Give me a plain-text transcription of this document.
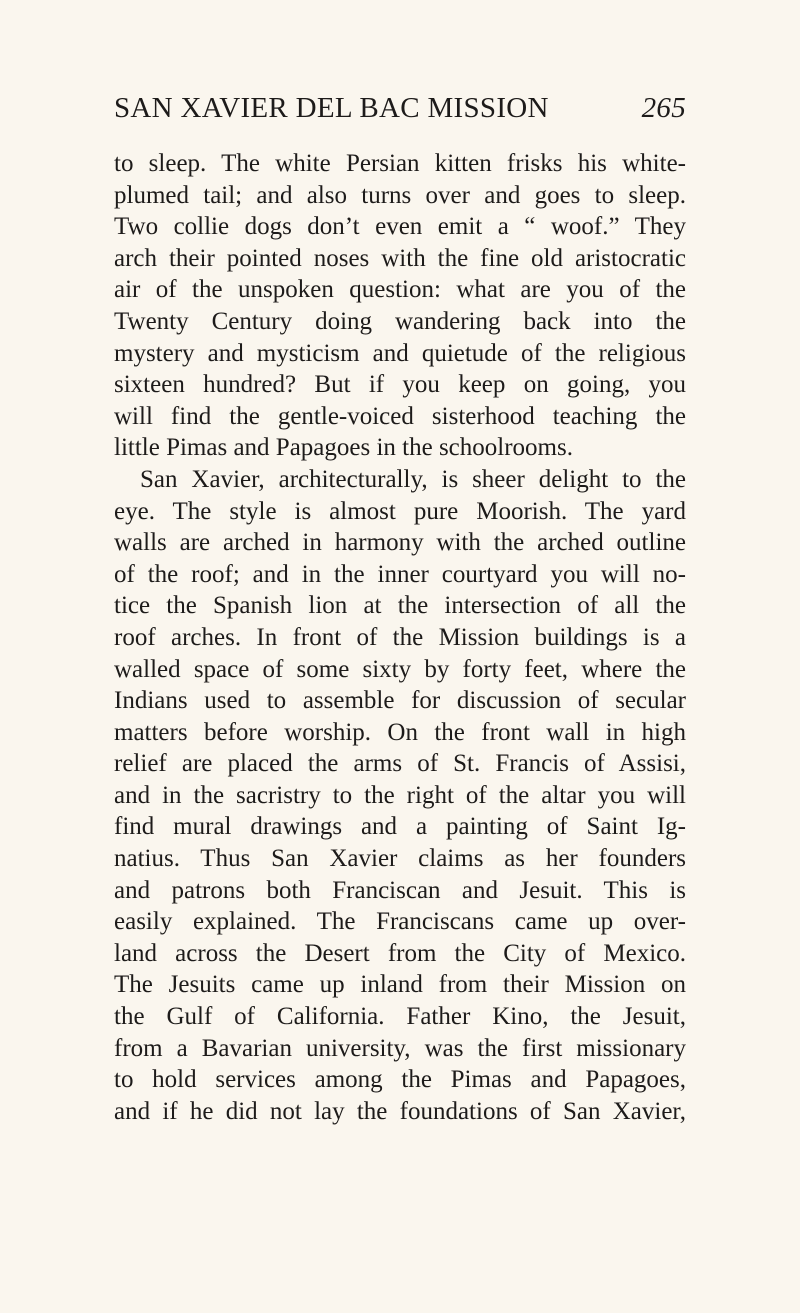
SAN XAVIER DEL BAC MISSION	265
to sleep. The white Persian kitten frisks his white-
plumed tail; and also turns over and goes to sleep.
Two collie dogs don’t even emit a “ woof.” They
arch their pointed noses with the fine old aristocratic
air of the unspoken question: what are you of the
Twenty Century doing wandering back into the
mystery and mysticism and quietude of the religious
sixteen hundred? But if you keep on going, you
will find the gentle-voiced sisterhood teaching the
little Pimas and Papagoes in the schoolrooms.
San Xavier, architecturally, is sheer delight to the
eye. The style is almost pure Moorish. The yard
walls are arched in harmony with the arched outline
of the roof; and in the inner courtyard you will no-
tice the Spanish lion at the intersection of all the
roof arches. In front of the Mission buildings is a
walled space of some sixty by forty feet, where the
Indians used to assemble for discussion of secular
matters before worship. On the front wall in high
relief are placed the arms of St. Francis of Assisi,
and in the sacristry to the right of the altar you will
find mural drawings and a painting of Saint Ig-
natius. Thus San Xavier claims as her founders
and patrons both Franciscan and Jesuit. This is
easily explained. The Franciscans came up over-
land across the Desert from the City of Mexico.
The Jesuits came up inland from their Mission on
the Gulf of California. Father Kino, the Jesuit,
from a Bavarian university, was the first missionary
to hold services among the Pimas and Papagoes,
and if he did not lay the foundations of San Xavier,
